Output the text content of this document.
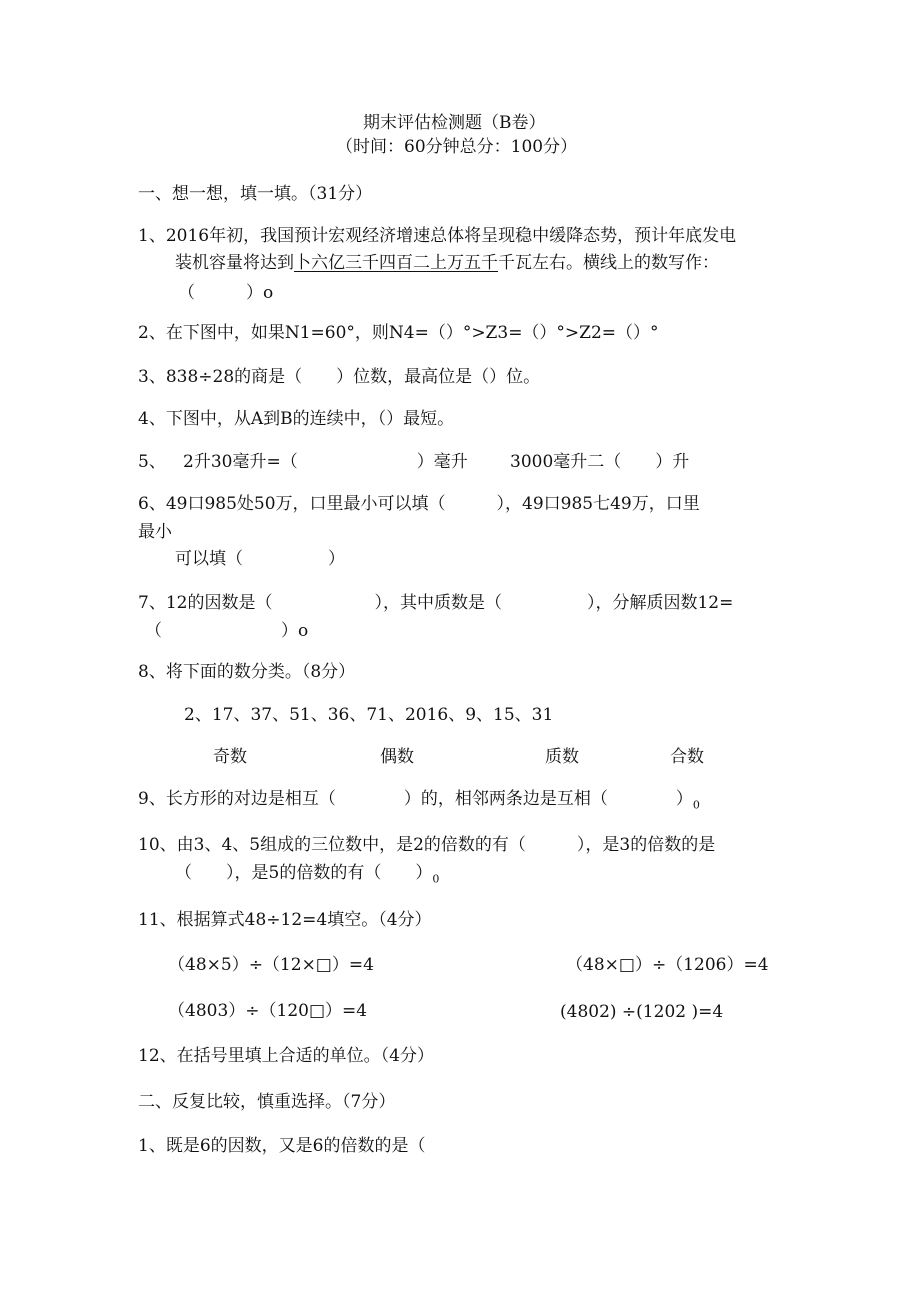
期末评估检测题（B卷）
（时间：60分钟总分：100分）
一、想一想，填一填。（31分）
1、2016年初，我国预计宏观经济增速总体将呈现稳中缓降态势，预计年底发电
装机容量将达到卜六亿三千四百二上万五千千瓦左右。横线上的数写作：
（　　　）o
2、在下图中，如果N1=60°，则N4=（）°>Z3=（）°>Z2=（）°
3、838÷28的商是（　　）位数，最高位是（）位。
4、下图中，从A到B的连续中，（）最短。
5、 2升30毫升=（　　　　　　　）毫升 3000毫升二（　　）升
6、49口985处50万，口里最小可以填（　　　），49口985七49万，口里
最小
可以填（　　　　　）
7、12的因数是（　　　　　　），其中质数是（　　　　　），分解质因数12=
（　　　　　　　）o
8、将下面的数分类。（8分）
2、17、37、51、36、71、2016、9、15、31
奇数	偶数	质数	合数
9、长方形的对边是相互（　　　　）的，相邻两条边是互相（　　　　）$_0$
10、由3、4、5组成的三位数中，是2的倍数的有（　　　），是3的倍数的是
（　　），是5的倍数的有（　　）$_0$
11、根据算式48÷12=4填空。（4分）
（48×5）÷（12×□）=4	（48×□）÷（1206）=4
（4803）÷（120□）=4	(4802) ÷(1202 )=4
12、在括号里填上合适的单位。（4分）
二、反复比较，慎重选择。（7分）
1、既是6的因数，又是6的倍数的是（
